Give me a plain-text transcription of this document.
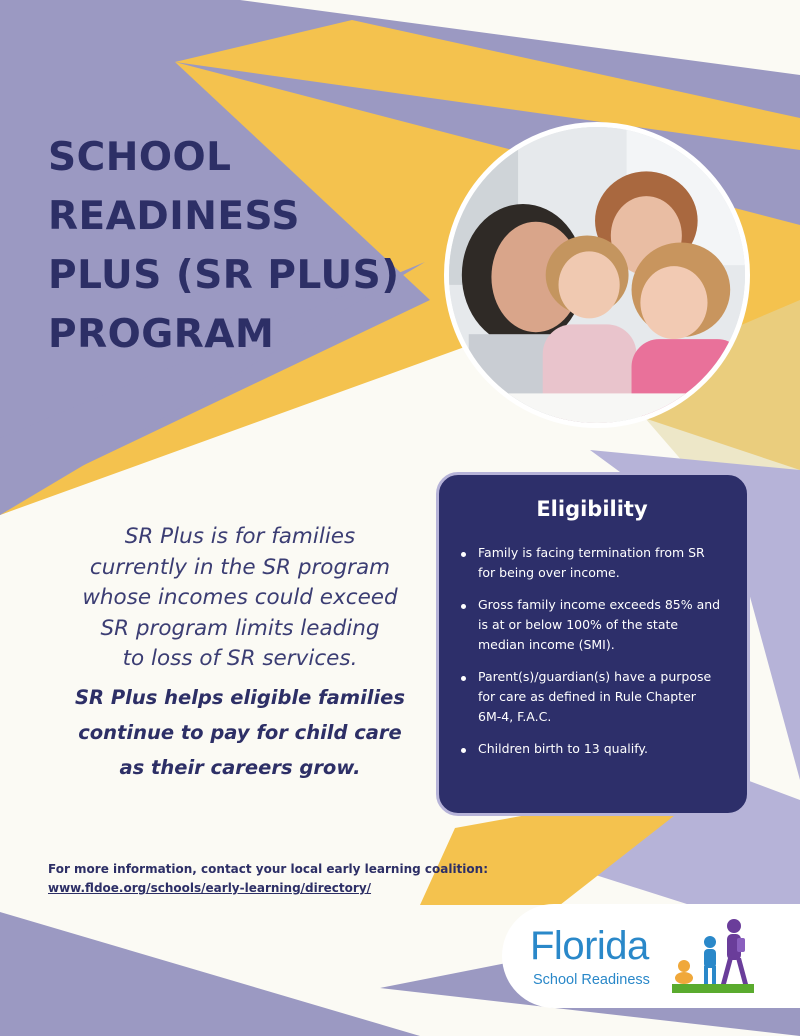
SCHOOL
READINESS
PLUS (SR PLUS)
PROGRAM

SR Plus is for families
currently in the SR program
whose incomes could exceed
SR program limits leading
to loss of SR services.

SR Plus helps eligible families
continue to pay for child care
as their careers grow.

Eligibility
Family is facing termination from SR for being over income.
Gross family income exceeds 85% and is at or below 100% of the state median income (SMI).
Parent(s)/guardian(s) have a purpose for care as defined in Rule Chapter 6M-4, F.A.C.
Children birth to 13 qualify.

For more information, contact your local early learning coalition:
www.fldoe.org/schools/early-learning/directory/

Florida
School Readiness
